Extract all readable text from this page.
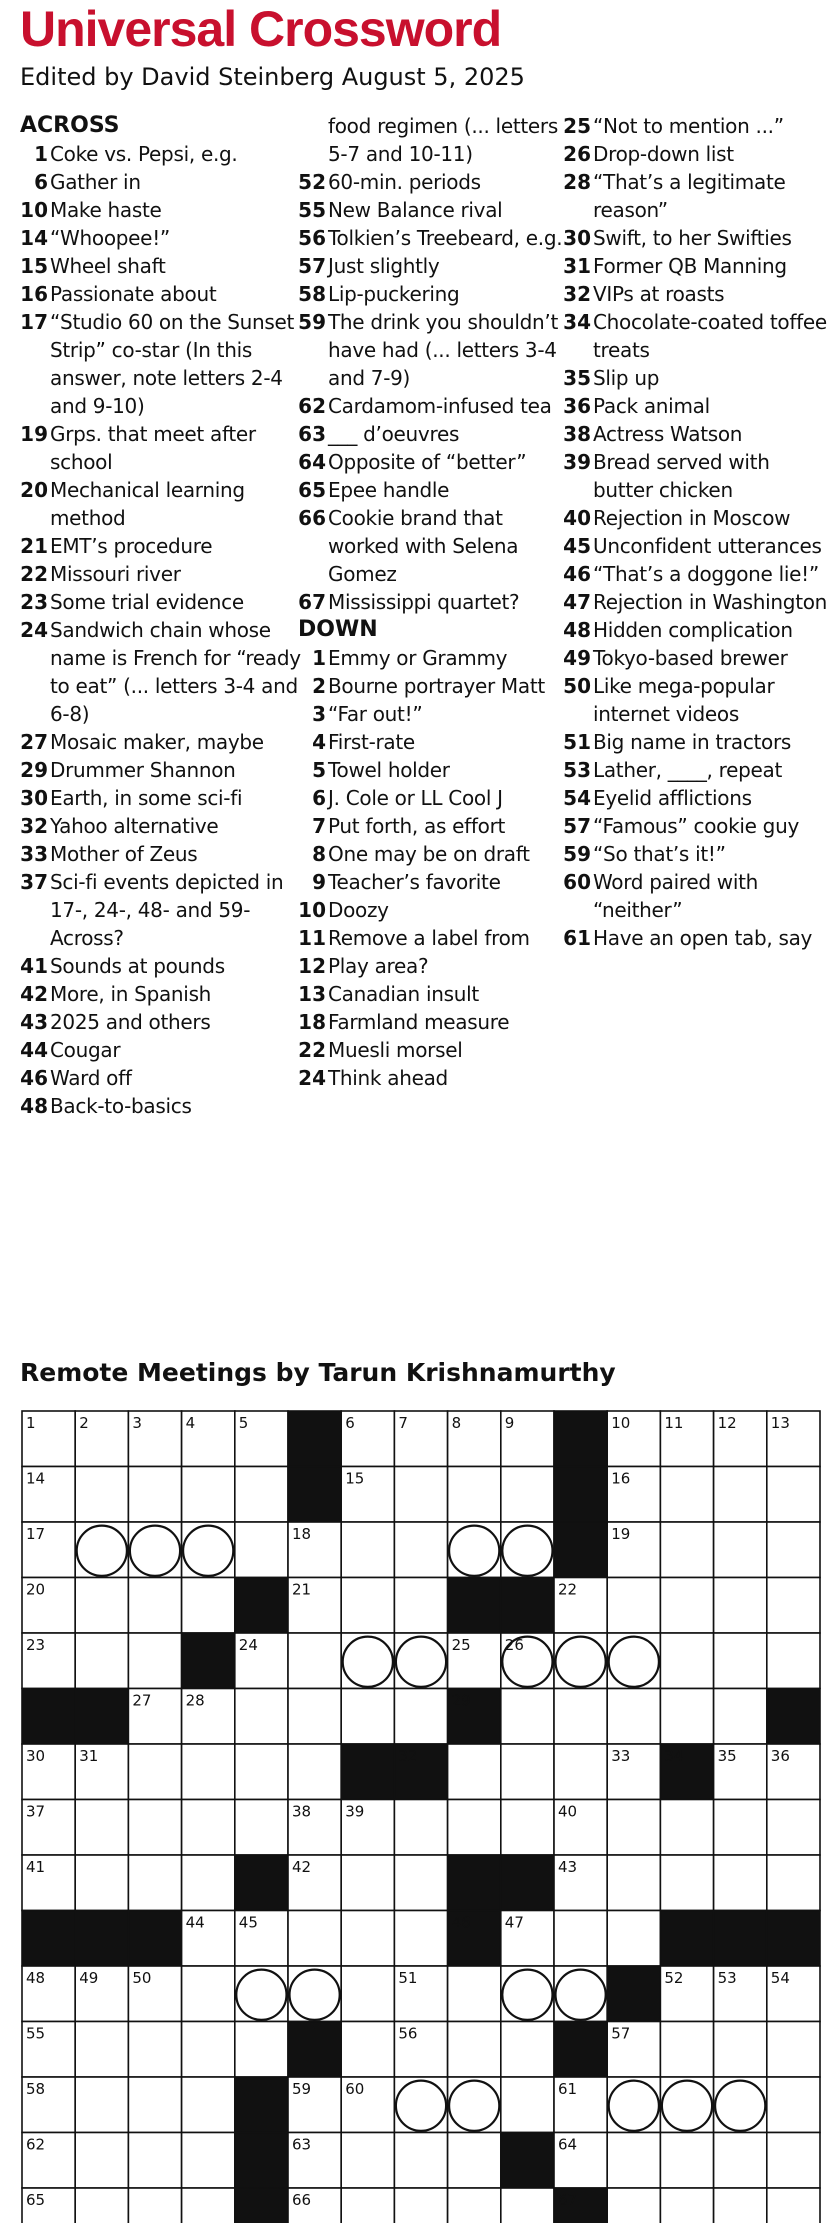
Universal Crossword
Edited by David Steinberg August 5, 2025
ACROSS
1 Coke vs. Pepsi, e.g.
6 Gather in
10 Make haste
14 “Whoopee!”
15 Wheel shaft
16 Passionate about
17 “Studio 60 on the Sunset Strip” co-star (In this answer, note letters 2-4 and 9-10)
19 Grps. that meet after school
20 Mechanical learning method
21 EMT’s procedure
22 Missouri river
23 Some trial evidence
24 Sandwich chain whose name is French for “ready to eat” (... letters 3-4 and 6-8)
27 Mosaic maker, maybe
29 Drummer Shannon
30 Earth, in some sci-fi
32 Yahoo alternative
33 Mother of Zeus
37 Sci-fi events depicted in 17-, 24-, 48- and 59-Across?
41 Sounds at pounds
42 More, in Spanish
43 2025 and others
44 Cougar
46 Ward off
48 Back-to-basics
food regimen (... letters 5-7 and 10-11)
52 60-min. periods
55 New Balance rival
56 Tolkien’s Treebeard, e.g.
57 Just slightly
58 Lip-puckering
59 The drink you shouldn’t have had (... letters 3-4 and 7-9)
62 Cardamom-infused tea
63 ___ d’oeuvres
64 Opposite of “better”
65 Epee handle
66 Cookie brand that worked with Selena Gomez
67 Mississippi quartet?
DOWN
1 Emmy or Grammy
2 Bourne portrayer Matt
3 “Far out!”
4 First-rate
5 Towel holder
6 J. Cole or LL Cool J
7 Put forth, as effort
8 One may be on draft
9 Teacher’s favorite
10 Doozy
11 Remove a label from
12 Play area?
13 Canadian insult
18 Farmland measure
22 Muesli morsel
24 Think ahead
25 “Not to mention ...”
26 Drop-down list
28 “That’s a legitimate reason”
30 Swift, to her Swifties
31 Former QB Manning
32 VIPs at roasts
34 Chocolate-coated toffee treats
35 Slip up
36 Pack animal
38 Actress Watson
39 Bread served with butter chicken
40 Rejection in Moscow
45 Unconfident utterances
46 “That’s a doggone lie!”
47 Rejection in Washington
48 Hidden complication
49 Tokyo-based brewer
50 Like mega-popular internet videos
51 Big name in tractors
53 Lather, ____, repeat
54 Eyelid afflictions
57 “Famous” cookie guy
59 “So that’s it!”
60 Word paired with “neither”
61 Have an open tab, say
Remote Meetings by Tarun Krishnamurthy
1	2	3	4	5	6	7	8	9	10 11 12 13
14	15	16
17	18	19
20	21	22
23	24	25 26
27 28	29
30 31	32	33 34 35 36
37	38 39	40
41	42	43
44 45	46 47
48 49 50	51	52 53 54
55	56	57
58	59 60	61
62	63	64
65	66	67
